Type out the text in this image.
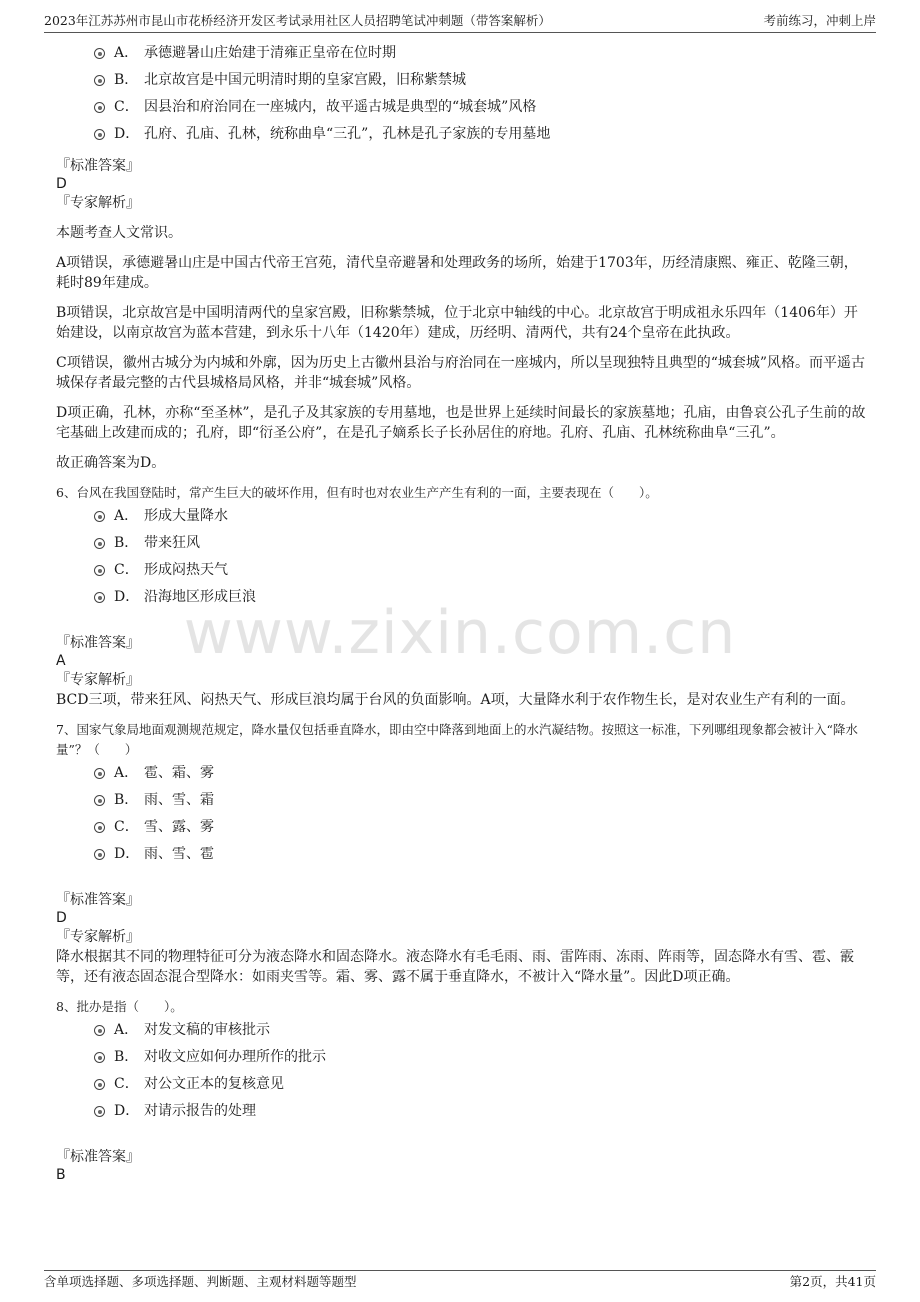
2023年江苏苏州市昆山市花桥经济开发区考试录用社区人员招聘笔试冲刺题（带答案解析）	考前练习，冲刺上岸
www.zixin.com.cn
A． 承德避暑山庄始建于清雍正皇帝在位时期
B． 北京故宫是中国元明清时期的皇家宫殿，旧称紫禁城
C． 因县治和府治同在一座城内，故平遥古城是典型的“城套城”风格
D． 孔府、孔庙、孔林，统称曲阜“三孔”，孔林是孔子家族的专用墓地
『标准答案』
D
『专家解析』

本题考查人文常识。

A项错误，承德避暑山庄是中国古代帝王宫苑，清代皇帝避暑和处理政务的场所，始建于1703年，历经清康熙、雍正、乾隆三朝，耗时89年建成。

B项错误，北京故宫是中国明清两代的皇家宫殿，旧称紫禁城，位于北京中轴线的中心。北京故宫于明成祖永乐四年（1406年）开始建设，以南京故宫为蓝本营建，到永乐十八年（1420年）建成，历经明、清两代，共有24个皇帝在此执政。

C项错误，徽州古城分为内城和外廓，因为历史上古徽州县治与府治同在一座城内，所以呈现独特且典型的“城套城”风格。而平遥古城保存者最完整的古代县城格局风格，并非“城套城”风格。

D项正确，孔林，亦称“至圣林”，是孔子及其家族的专用墓地，也是世界上延续时间最长的家族墓地；孔庙，由鲁哀公孔子生前的故宅基础上改建而成的；孔府，即“衍圣公府”，在是孔子嫡系长子长孙居住的府地。孔府、孔庙、孔林统称曲阜“三孔”。

故正确答案为D。

6、台风在我国登陆时，常产生巨大的破坏作用，但有时也对农业生产产生有利的一面，主要表现在（　　）。
A． 形成大量降水
B． 带来狂风
C． 形成闷热天气
D． 沿海地区形成巨浪
『标准答案』
A
『专家解析』

BCD三项，带来狂风、闷热天气、形成巨浪均属于台风的负面影响。A项，大量降水利于农作物生长，是对农业生产有利的一面。

7、国家气象局地面观测规范规定，降水量仅包括垂直降水，即由空中降落到地面上的水汽凝结物。按照这一标准，下列哪组现象都会被计入“降水量”？（　　）
A． 雹、霜、雾
B． 雨、雪、霜
C． 雪、露、雾
D． 雨、雪、雹
『标准答案』
D
『专家解析』

降水根据其不同的物理特征可分为液态降水和固态降水。液态降水有毛毛雨、雨、雷阵雨、冻雨、阵雨等，固态降水有雪、雹、霰等，还有液态固态混合型降水：如雨夹雪等。霜、雾、露不属于垂直降水，不被计入“降水量”。因此D项正确。

8、批办是指（　　）。
A． 对发文稿的审核批示
B． 对收文应如何办理所作的批示
C． 对公文正本的复核意见
D． 对请示报告的处理
『标准答案』
B
含单项选择题、多项选择题、判断题、主观材料题等题型	第2页，共41页
